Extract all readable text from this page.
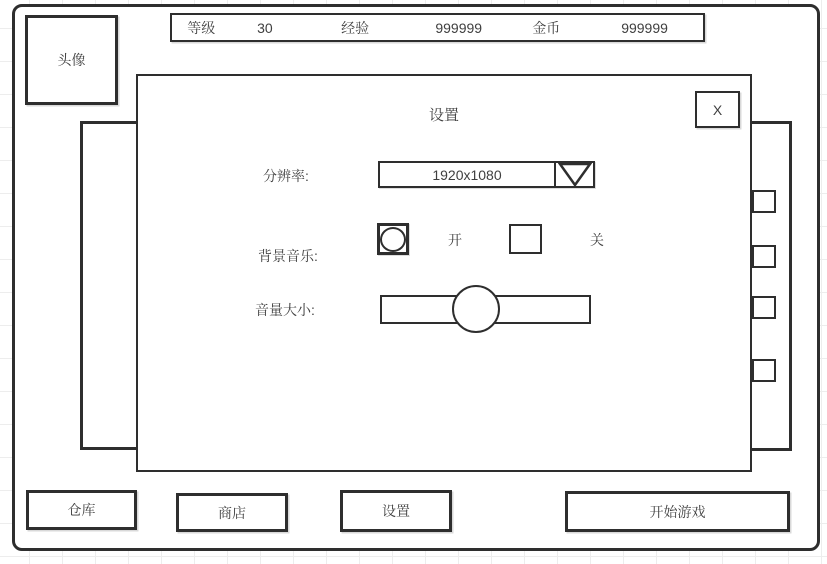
等级	30	经验	999999	金币	999999
头像
设置	X
分辨率:	1920x1080
背景音乐:
开	关
音量大小:
仓库	商店	设置	开始游戏
